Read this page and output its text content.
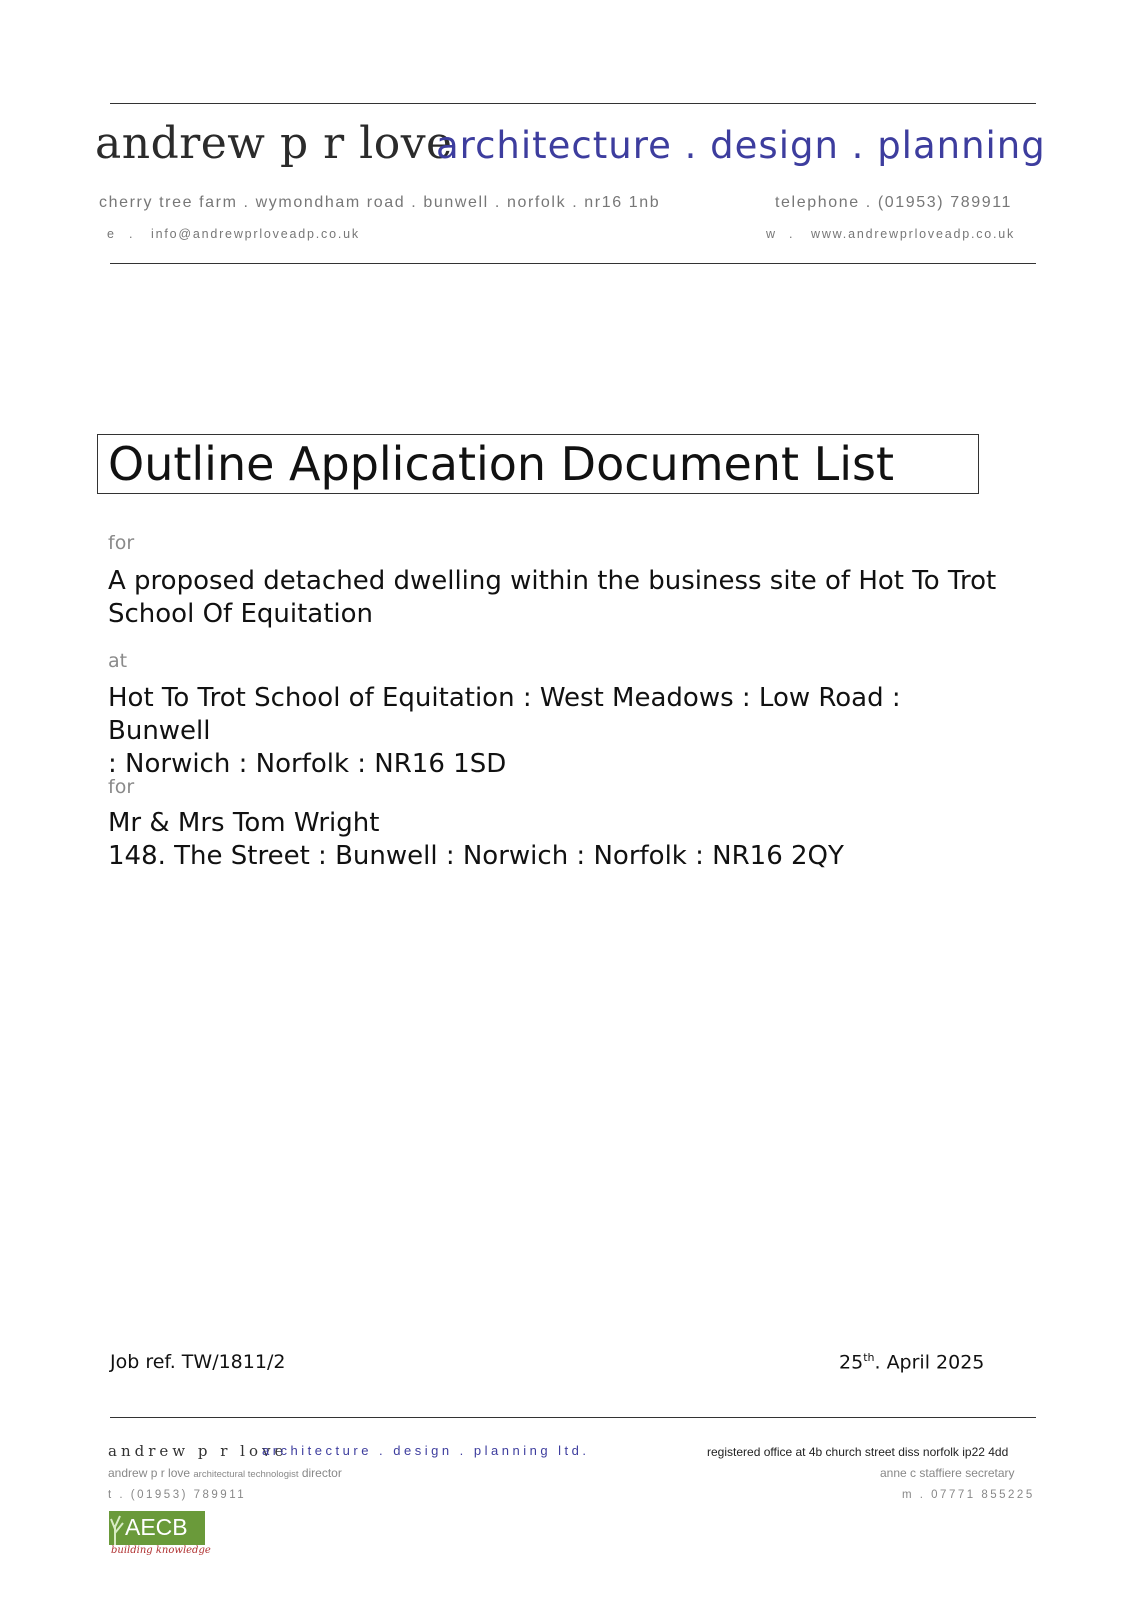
andrew p r love
architecture . design . planning
cherry tree farm . wymondham road . bunwell . norfolk . nr16 1nb	telephone . (01953) 789911
e . info@andrewprloveadp.co.uk	w . www.andrewprloveadp.co.uk
Outline Application Document List
for
A proposed detached dwelling within the business site of Hot To Trot
School Of Equitation
at
Hot To Trot School of Equitation : West Meadows : Low Road : Bunwell
: Norwich : Norfolk : NR16 1SD
for
Mr & Mrs Tom Wright
148. The Street : Bunwell : Norwich : Norfolk : NR16 2QY
Job ref. TW/1811/2	25th. April 2025
andrew p r love
architecture . design . planning ltd.	registered office at 4b church street diss norfolk ip22 4dd
andrew p r love architectural technologist director	anne c staffiere secretary
t . (01953) 789911	m . 07771 855225
AECB
building knowledge
